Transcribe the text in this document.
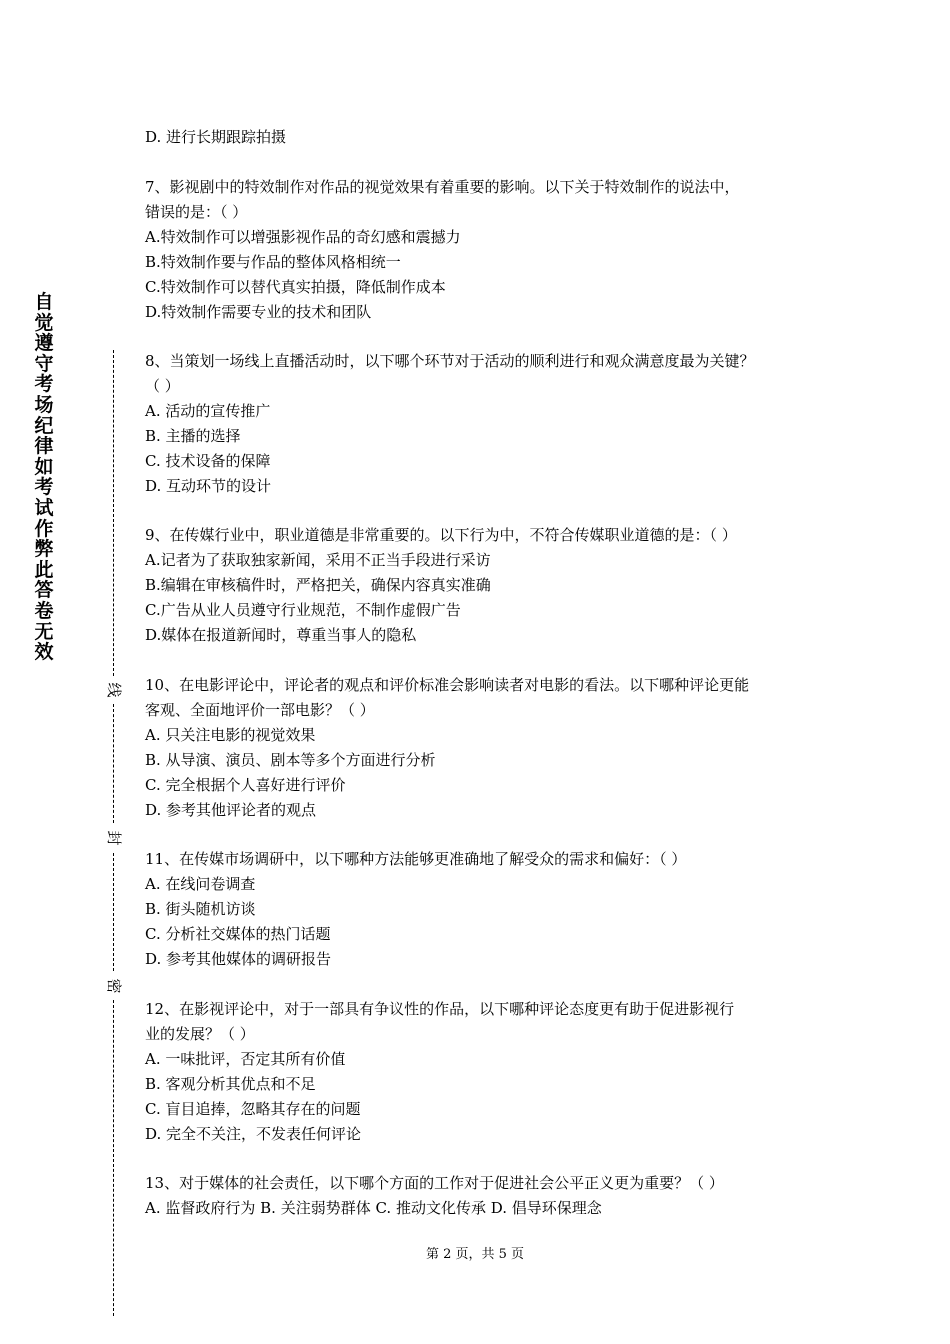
自觉遵守考场纪律如考试作弊此答卷无效
线
封
密
D. 进行长期跟踪拍摄
7、影视剧中的特效制作对作品的视觉效果有着重要的影响。以下关于特效制作的说法中，
错误的是：（ ）
A.特效制作可以增强影视作品的奇幻感和震撼力
B.特效制作要与作品的整体风格相统一
C.特效制作可以替代真实拍摄，降低制作成本
D.特效制作需要专业的技术和团队
8、当策划一场线上直播活动时，以下哪个环节对于活动的顺利进行和观众满意度最为关键？
（ ）
A. 活动的宣传推广
B. 主播的选择
C. 技术设备的保障
D. 互动环节的设计
9、在传媒行业中，职业道德是非常重要的。以下行为中，不符合传媒职业道德的是：（ ）
A.记者为了获取独家新闻，采用不正当手段进行采访
B.编辑在审核稿件时，严格把关，确保内容真实准确
C.广告从业人员遵守行业规范，不制作虚假广告
D.媒体在报道新闻时，尊重当事人的隐私
10、在电影评论中，评论者的观点和评价标准会影响读者对电影的看法。以下哪种评论更能
客观、全面地评价一部电影？（ ）
A. 只关注电影的视觉效果
B. 从导演、演员、剧本等多个方面进行分析
C. 完全根据个人喜好进行评价
D. 参考其他评论者的观点
11、在传媒市场调研中，以下哪种方法能够更准确地了解受众的需求和偏好：（ ）
A. 在线问卷调查
B. 街头随机访谈
C. 分析社交媒体的热门话题
D. 参考其他媒体的调研报告
12、在影视评论中，对于一部具有争议性的作品，以下哪种评论态度更有助于促进影视行
业的发展？（ ）
A. 一味批评，否定其所有价值
B. 客观分析其优点和不足
C. 盲目追捧，忽略其存在的问题
D. 完全不关注，不发表任何评论
13、对于媒体的社会责任，以下哪个方面的工作对于促进社会公平正义更为重要？（ ）
A. 监督政府行为 B. 关注弱势群体 C. 推动文化传承 D. 倡导环保理念
第 2 页，共 5 页
